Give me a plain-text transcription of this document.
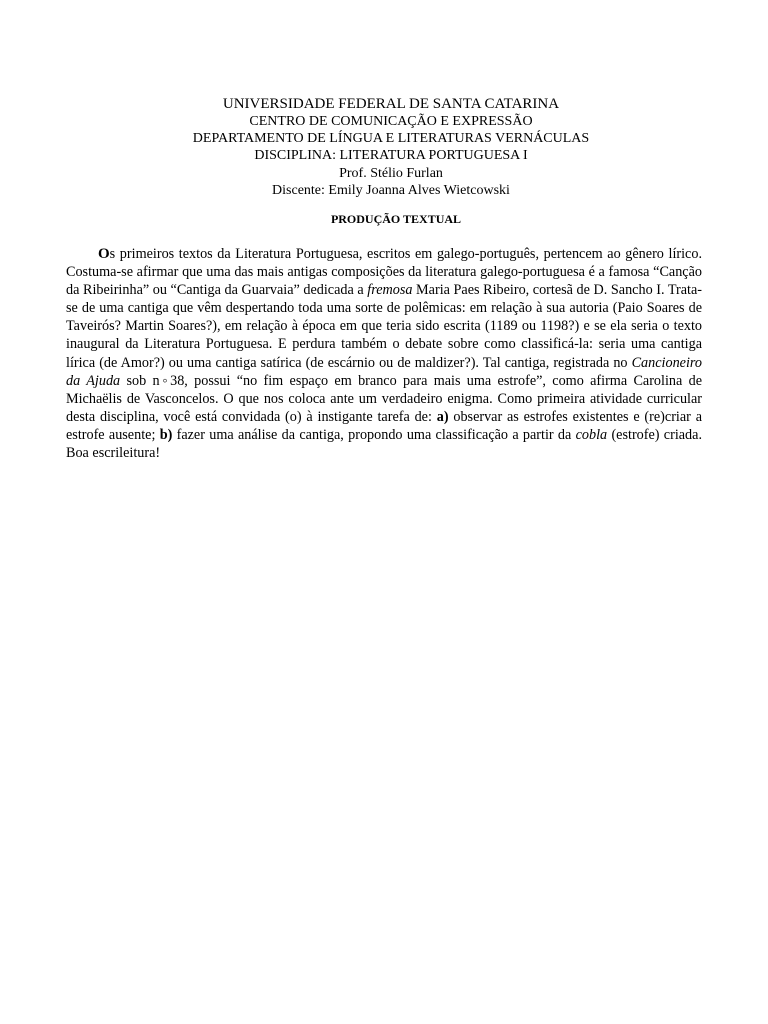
UNIVERSIDADE FEDERAL DE SANTA CATARINA
CENTRO DE COMUNICAÇÃO E EXPRESSÃO
DEPARTAMENTO DE LÍNGUA E LITERATURAS VERNÁCULAS
DISCIPLINA: LITERATURA PORTUGUESA I
Prof. Stélio Furlan
Discente: Emily Joanna Alves Wietcowski
PRODUÇÃO TEXTUAL

Os primeiros textos da Literatura Portuguesa, escritos em galego-português, pertencem ao gênero lírico. Costuma-se afirmar que uma das mais antigas composições da literatura galego-portuguesa é a famosa “Canção da Ribeirinha” ou “Cantiga da Guarvaia” dedicada a fremosa Maria Paes Ribeiro, cortesã de D. Sancho I. Trata-se de uma cantiga que vêm despertando toda uma sorte de polêmicas: em relação à sua autoria (Paio Soares de Taveirós? Martin Soares?), em relação à época em que teria sido escrita (1189 ou 1198?) e se ela seria o texto inaugural da Literatura Portuguesa. E perdura também o debate sobre como classificá-la: seria uma cantiga lírica (de Amor?) ou uma cantiga satírica (de escárnio ou de maldizer?). Tal cantiga, registrada no Cancioneiro da Ajuda sob n◦38, possui “no fim espaço em branco para mais uma estrofe”, como afirma Carolina de Michaëlis de Vasconcelos. O que nos coloca ante um verdadeiro enigma. Como primeira atividade curricular desta disciplina, você está convidada (o) à instigante tarefa de: a) observar as estrofes existentes e (re)criar a estrofe ausente; b) fazer uma análise da cantiga, propondo uma classificação a partir da cobla (estrofe) criada. Boa escrileitura!
